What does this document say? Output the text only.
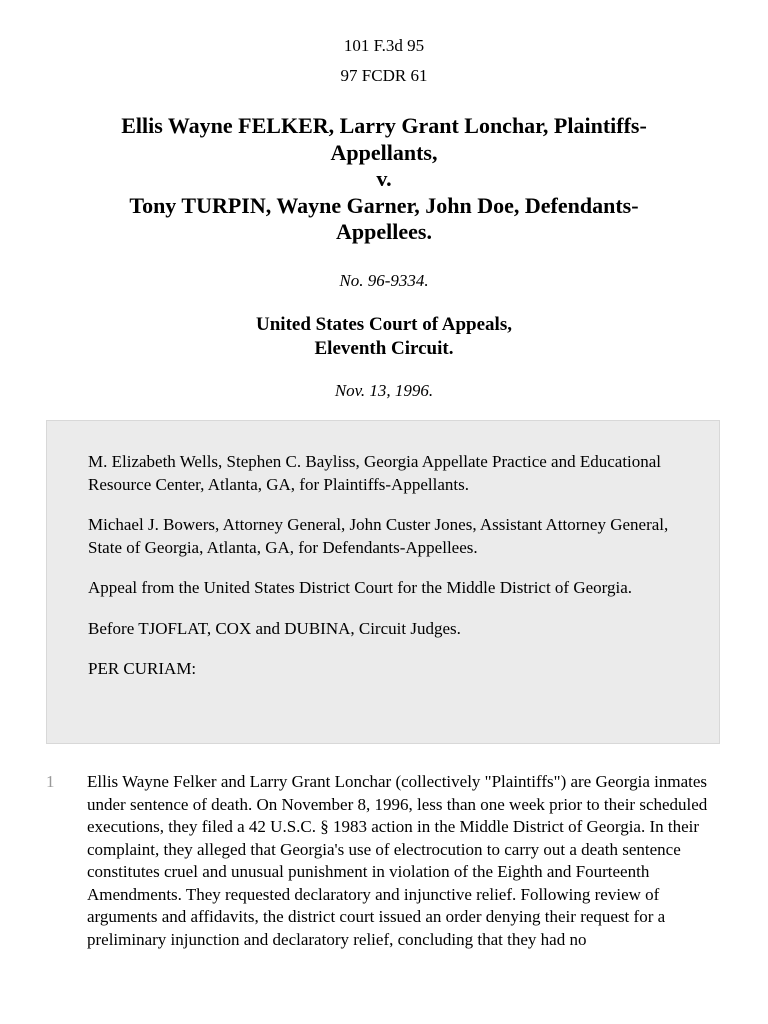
101 F.3d 95
97 FCDR 61
Ellis Wayne FELKER, Larry Grant Lonchar, Plaintiffs-
Appellants,
v.
Tony TURPIN, Wayne Garner, John Doe, Defendants-
Appellees.
No. 96-9334.
United States Court of Appeals,
Eleventh Circuit.
Nov. 13, 1996.

M. Elizabeth Wells, Stephen C. Bayliss, Georgia Appellate Practice and Educational Resource Center, Atlanta, GA, for Plaintiffs-Appellants.

Michael J. Bowers, Attorney General, John Custer Jones, Assistant Attorney General, State of Georgia, Atlanta, GA, for Defendants-Appellees.

Appeal from the United States District Court for the Middle District of Georgia.

Before TJOFLAT, COX and DUBINA, Circuit Judges.

PER CURIAM:

1 Ellis Wayne Felker and Larry Grant Lonchar (collectively "Plaintiffs") are Georgia inmates under sentence of death. On November 8, 1996, less than one week prior to their scheduled executions, they filed a 42 U.S.C. § 1983 action in the Middle District of Georgia. In their complaint, they alleged that Georgia's use of electrocution to carry out a death sentence constitutes cruel and unusual punishment in violation of the Eighth and Fourteenth Amendments. They requested declaratory and injunctive relief. Following review of arguments and affidavits, the district court issued an order denying their request for a preliminary injunction and declaratory relief, concluding that they had no
